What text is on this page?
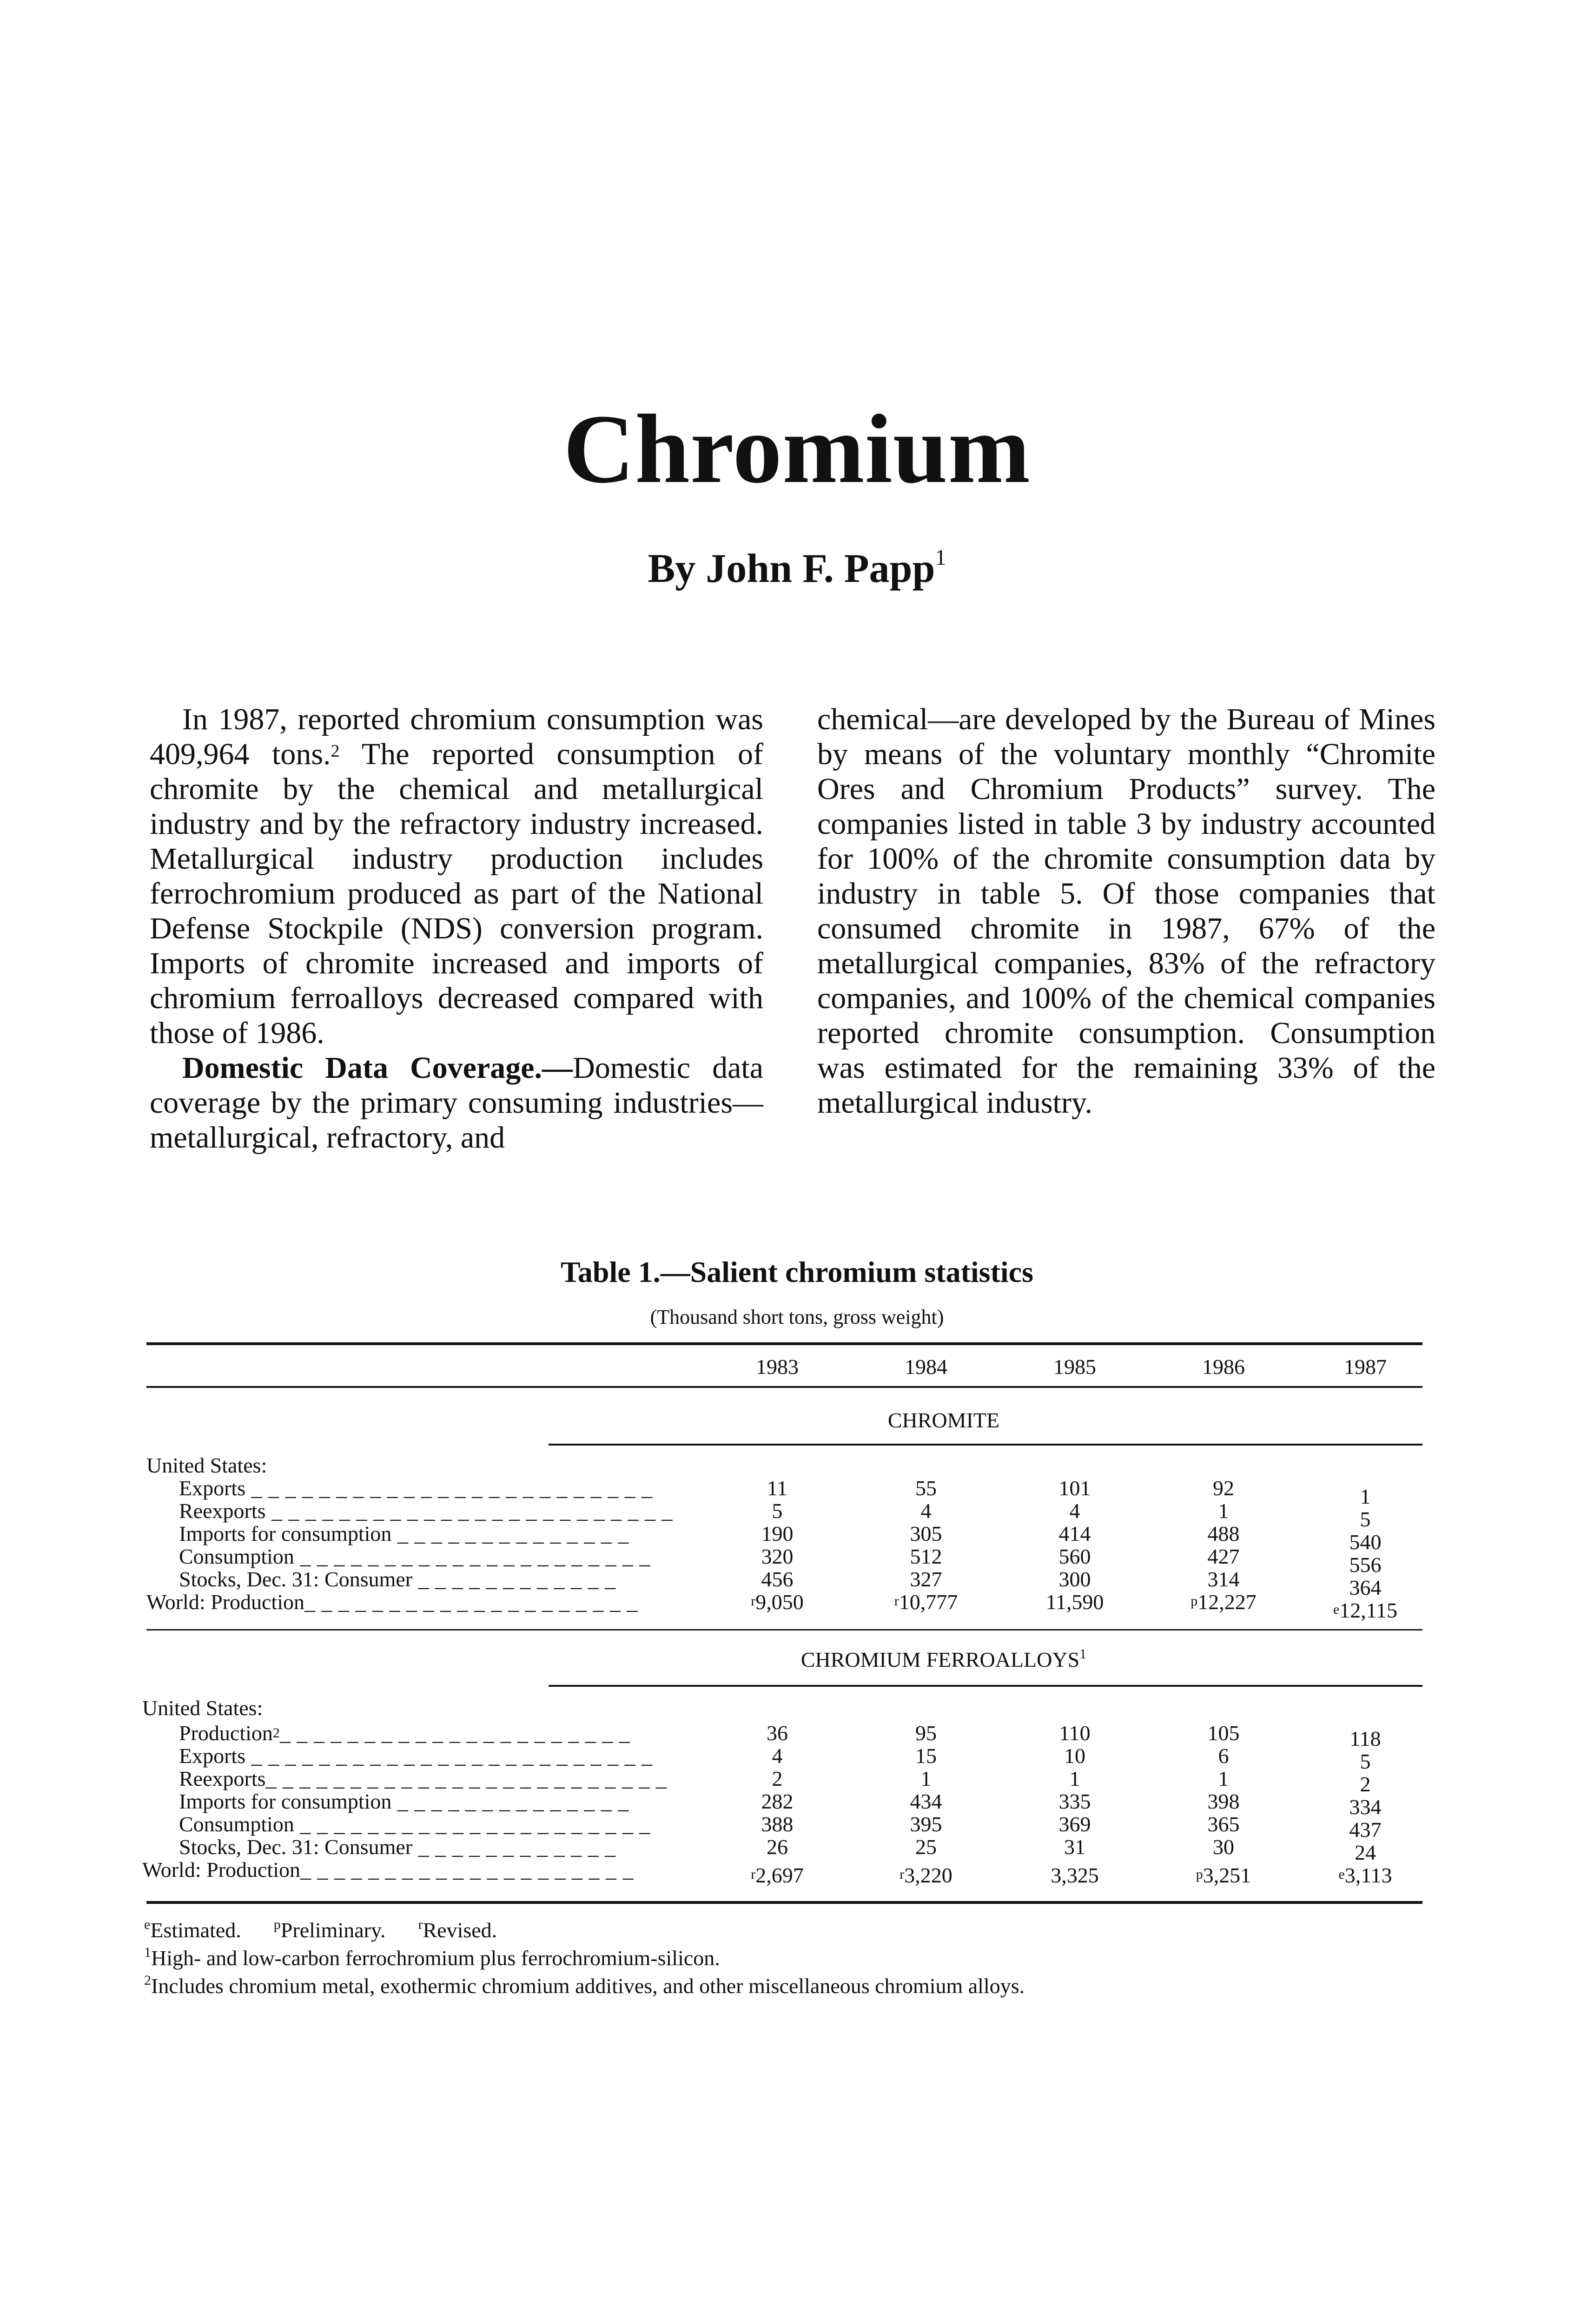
Chromium
By John F. Papp$^1$

In 1987, reported chromium consumption was 409,964 tons.$^2$ The reported consumption of chromite by the chemical and metallurgical industry and by the refractory industry increased. Metallurgical industry production includes ferrochromium produced as part of the National Defense Stockpile (NDS) conversion program. Imports of chromite increased and imports of chromium ferroalloys decreased compared with those of 1986.

Domestic Data Coverage.—Domestic data coverage by the primary consuming industries—metallurgical, refractory, and

chemical—are developed by the Bureau of Mines by means of the voluntary monthly “Chromite Ores and Chromium Products” survey. The companies listed in table 3 by industry accounted for 100% of the chromite consumption data by industry in table 5. Of those companies that consumed chromite in 1987, 67% of the metallurgical companies, 83% of the refractory companies, and 100% of the chemical companies reported chromite consumption. Consumption was estimated for the remaining 33% of the metallurgical industry.

Table 1.—Salient chromium statistics
(Thousand short tons, gross weight)
1983	1984	1985	1986	1987
CHROMITE
United States:
Exports _ _ _ _ _ _ _ _ _ _ _ _ _ _ _ _ _ _ _ _ _ _ _ _	11	55	101	92	1
Reexports _ _ _ _ _ _ _ _ _ _ _ _ _ _ _ _ _ _ _ _ _ _ _ _	5	4	4	1	5
Imports for consumption _ _ _ _ _ _ _ _ _ _ _ _ _ _	190	305	414	488	540
Consumption _ _ _ _ _ _ _ _ _ _ _ _ _ _ _ _ _ _ _ _ _	320	512	560	427	556
Stocks, Dec. 31: Consumer _ _ _ _ _ _ _ _ _ _ _ _	456	327	300	314	364
World: Production_ _ _ _ _ _ _ _ _ _ _ _ _ _ _ _ _ _ _ _	$^r$9,050	$^r$10,777	11,590	$^p$12,227	$^e$12,115
CHROMIUM FERROALLOYS$^1$
United States:
Production$^2$_ _ _ _ _ _ _ _ _ _ _ _ _ _ _ _ _ _ _ _ _	36	95	110	105	118
Exports _ _ _ _ _ _ _ _ _ _ _ _ _ _ _ _ _ _ _ _ _ _ _ _	4	15	10	6	5
Reexports_ _ _ _ _ _ _ _ _ _ _ _ _ _ _ _ _ _ _ _ _ _ _ _	2	1	1	1	2
Imports for consumption _ _ _ _ _ _ _ _ _ _ _ _ _ _	282	434	335	398	334
Consumption _ _ _ _ _ _ _ _ _ _ _ _ _ _ _ _ _ _ _ _ _	388	395	369	365	437
Stocks, Dec. 31: Consumer _ _ _ _ _ _ _ _ _ _ _ _	26	25	31	30	24
World: Production_ _ _ _ _ _ _ _ _ _ _ _ _ _ _ _ _ _ _ _	$^r$2,697	$^r$3,220	3,325	$^p$3,251	$^e$3,113
$^e$Estimated. $^p$Preliminary. $^r$Revised.
$^1$High- and low-carbon ferrochromium plus ferrochromium-silicon.
$^2$Includes chromium metal, exothermic chromium additives, and other miscellaneous chromium alloys.
